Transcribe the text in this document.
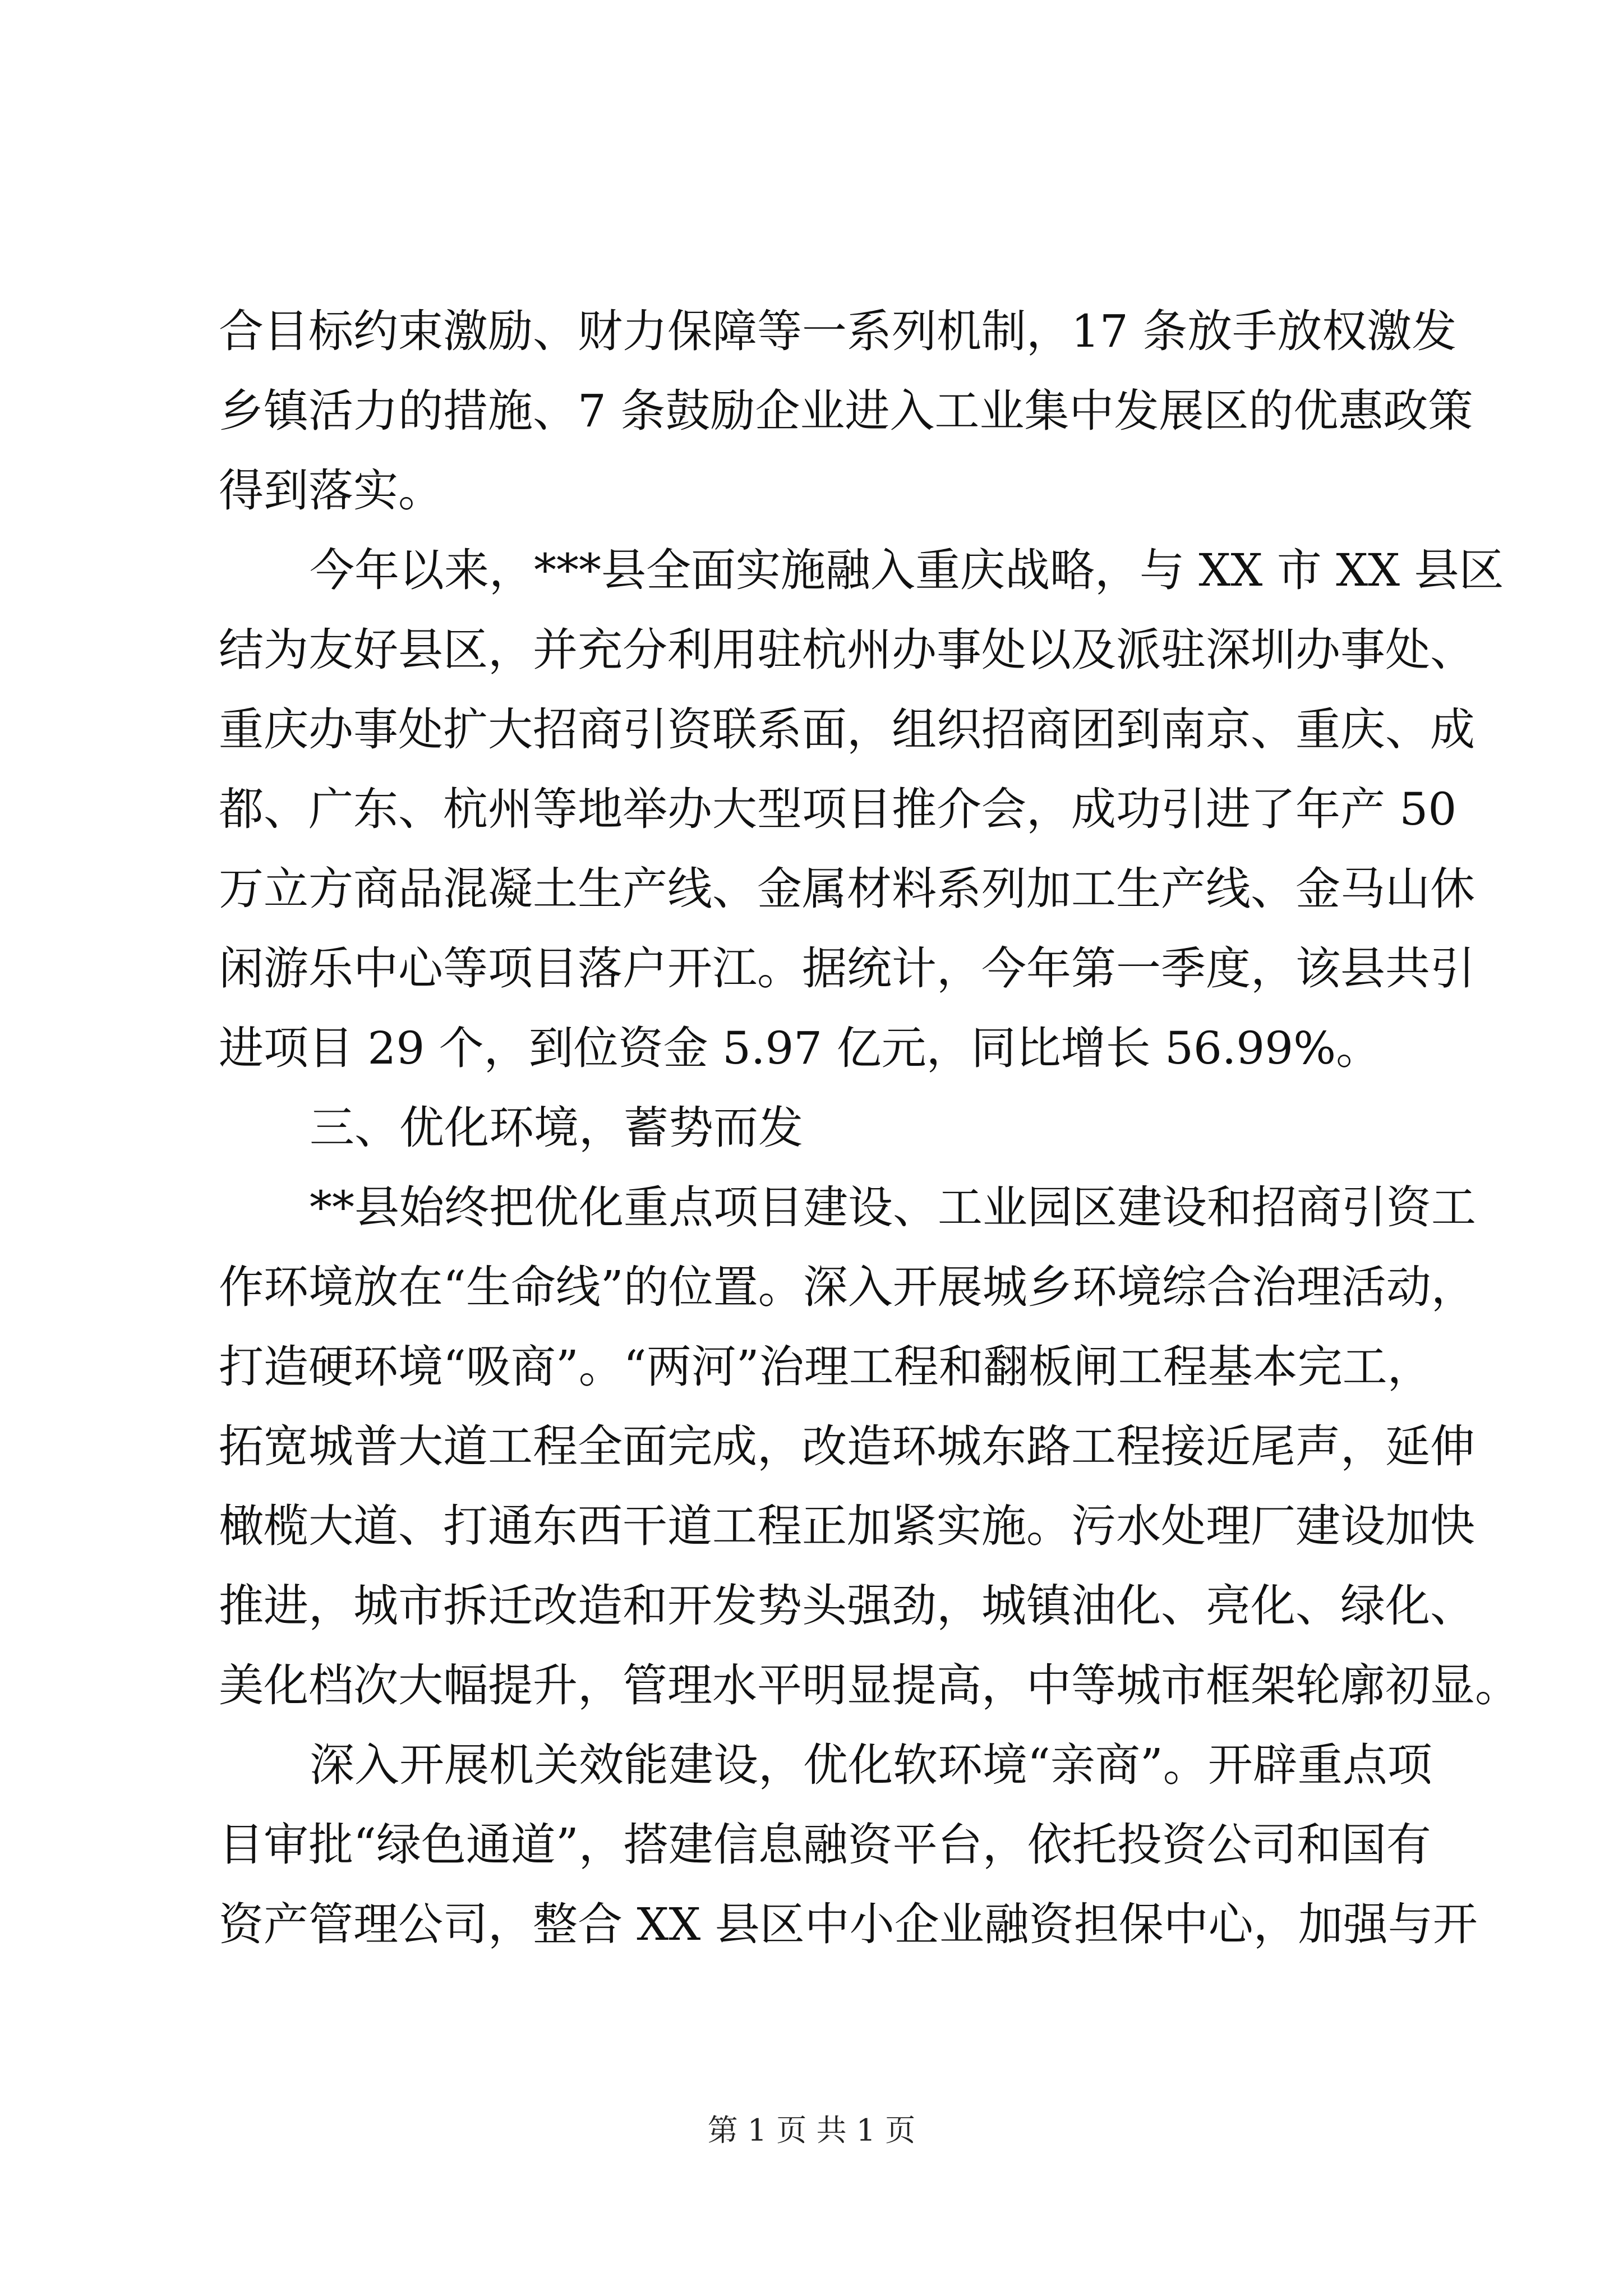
合目标约束激励、财力保障等一系列机制，17 条放手放权激发
乡镇活力的措施、7 条鼓励企业进入工业集中发展区的优惠政策
得到落实。
今年以来，***县全面实施融入重庆战略，与 XX 市 XX 县区
结为友好县区，并充分利用驻杭州办事处以及派驻深圳办事处、
重庆办事处扩大招商引资联系面，组织招商团到南京、重庆、成
都、广东、杭州等地举办大型项目推介会，成功引进了年产 50
万立方商品混凝土生产线、金属材料系列加工生产线、金马山休
闲游乐中心等项目落户开江。据统计，今年第一季度，该县共引
进项目 29 个，到位资金 5.97 亿元，同比增长 56.99%。
三、优化环境，蓄势而发
**县始终把优化重点项目建设、工业园区建设和招商引资工
作环境放在“生命线”的位置。深入开展城乡环境综合治理活动，
打造硬环境“吸商”。“两河”治理工程和翻板闸工程基本完工，
拓宽城普大道工程全面完成，改造环城东路工程接近尾声，延伸
橄榄大道、打通东西干道工程正加紧实施。污水处理厂建设加快
推进，城市拆迁改造和开发势头强劲，城镇油化、亮化、绿化、
美化档次大幅提升，管理水平明显提高，中等城市框架轮廓初显。
深入开展机关效能建设，优化软环境“亲商”。开辟重点项
目审批“绿色通道”，搭建信息融资平台，依托投资公司和国有
资产管理公司，整合 XX 县区中小企业融资担保中心，加强与开
第 1 页 共 1 页
